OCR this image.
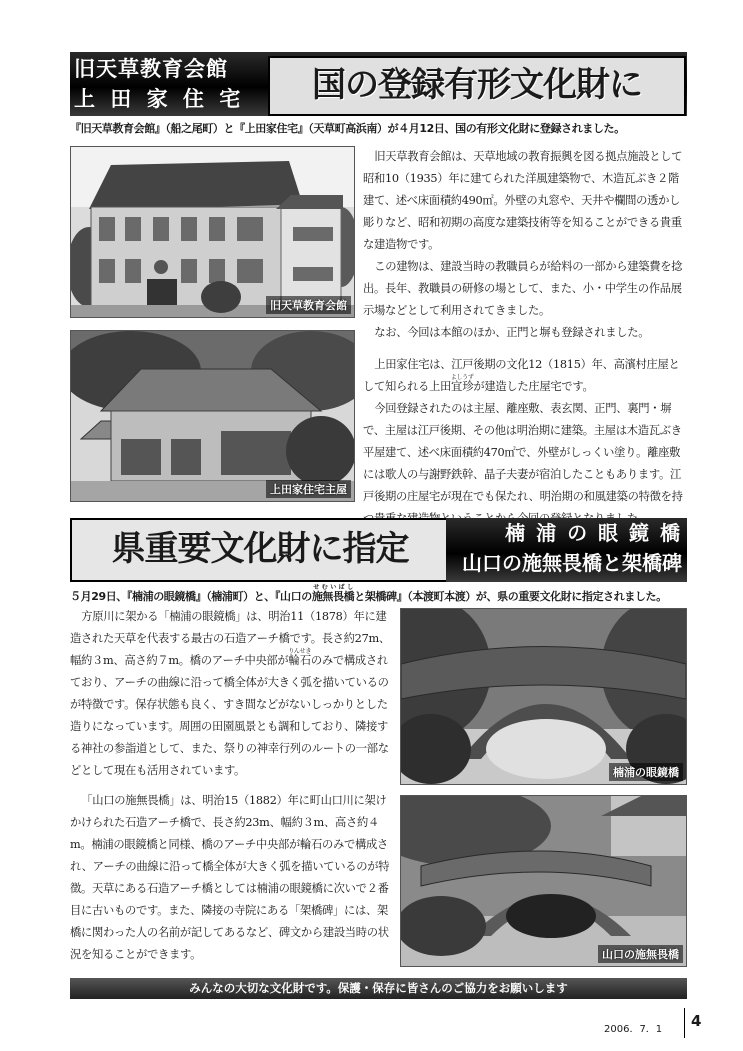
旧天草教育会館
上 田 家 住 宅	国の登録有形文化財に
『旧天草教育会館』（船之尾町）と『上田家住宅』（天草町高浜南）が４月12日、国の有形文化財に登録されました。
旧天草教育会館
上田家住宅主屋

旧天草教育会館は、天草地域の教育振興を図る拠点施設として昭和10（1935）年に建てられた洋風建築物で、木造瓦ぶき２階建て、述べ床面積約490㎡。外壁の丸窓や、天井や欄間の透かし彫りなど、昭和初期の高度な建築技術等を知ることができる貴重な建造物です。

この建物は、建設当時の教職員らが給料の一部から建築費を捻出。長年、教職員の研修の場として、また、小・中学生の作品展示場などとして利用されてきました。

なお、今回は本館のほか、正門と塀も登録されました。

上田家住宅は、江戸後期の文化12（1815）年、高濱村庄屋として知られる上田宜珍よしうずが建造した庄屋宅です。

今回登録されたのは主屋、離座敷、表玄関、正門、裏門・塀で、主屋は江戸後期、その他は明治期に建築。主屋は木造瓦ぶき平屋建て、述べ床面積約470㎡で、外壁がしっくい塗り。離座敷には歌人の与謝野鉄幹、晶子夫妻が宿泊したこともあります。江戸後期の庄屋宅が現在でも保たれ、明治期の和風建築の特徴を持

県重要文化財に指定	楠 浦 の 眼 鏡 橋
山口の施無畏橋と架橋碑
５月29日、『楠浦の眼鏡橋』（楠浦町）と、『山口の施無畏橋せむいばしと架橋碑』（本渡町本渡）が、県の重要文化財に指定されました。

方原川に架かる「楠浦の眼鏡橋」は、明治11（1878）年に建造された天草を代表する最古の石造アーチ橋です。長さ約27m、幅約３m、高さ約７m。橋のアーチ中央部が輪石りんせきのみで構成されており、アーチの曲線に沿って橋全体が大きく弧を描いているのが特徴です。保存状態も良く、すき間などがないしっかりとした造りになっています。周囲の田園風景とも調和しており、隣接する神社の参詣道として、また、祭りの神幸行列のルートの一部などとして現在も活用されています。

「山口の施無畏橋」は、明治15（1882）年に町山口川に架けかけられた石造アーチ橋で、長さ約23m、幅約３m、高さ約４m。楠浦の眼鏡橋と同様、橋のアーチ中央部が輪石のみで構成され、アーチの曲線に沿って橋全体が大きく弧を描いているのが特徴。天草にある石造アーチ橋としては楠浦の眼鏡橋に次いで２番目に古いものです。また、隣接の寺院にある「架橋碑」には、架橋に関わった人の名前が記してあるなど、碑文から建設当時の状況を知ることができます。

楠浦の眼鏡橋
山口の施無畏橋
みんなの大切な文化財です。保護・保存に皆さんのご協力をお願いします
2006．7．1 4
